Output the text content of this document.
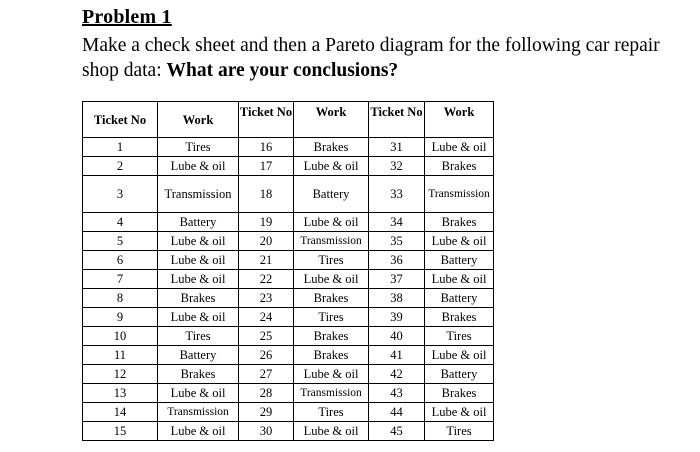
Problem 1
Make a check sheet and then a Pareto diagram for the following car repair shop data: What are your conclusions?
Ticket No	Work	Ticket No	Work	Ticket No	Work
1	Tires	16	Brakes	31	Lube & oil
2	Lube & oil	17	Lube & oil	32	Brakes
3	Transmission	18	Battery	33	Transmission
4	Battery	19	Lube & oil	34	Brakes
5	Lube & oil	20	Transmission	35	Lube & oil
6	Lube & oil	21	Tires	36	Battery
7	Lube & oil	22	Lube & oil	37	Lube & oil
8	Brakes	23	Brakes	38	Battery
9	Lube & oil	24	Tires	39	Brakes
10	Tires	25	Brakes	40	Tires
11	Battery	26	Brakes	41	Lube & oil
12	Brakes	27	Lube & oil	42	Battery
13	Lube & oil	28	Transmission	43	Brakes
14	Transmission	29	Tires	44	Lube & oil
15	Lube & oil	30	Lube & oil	45	Tires
